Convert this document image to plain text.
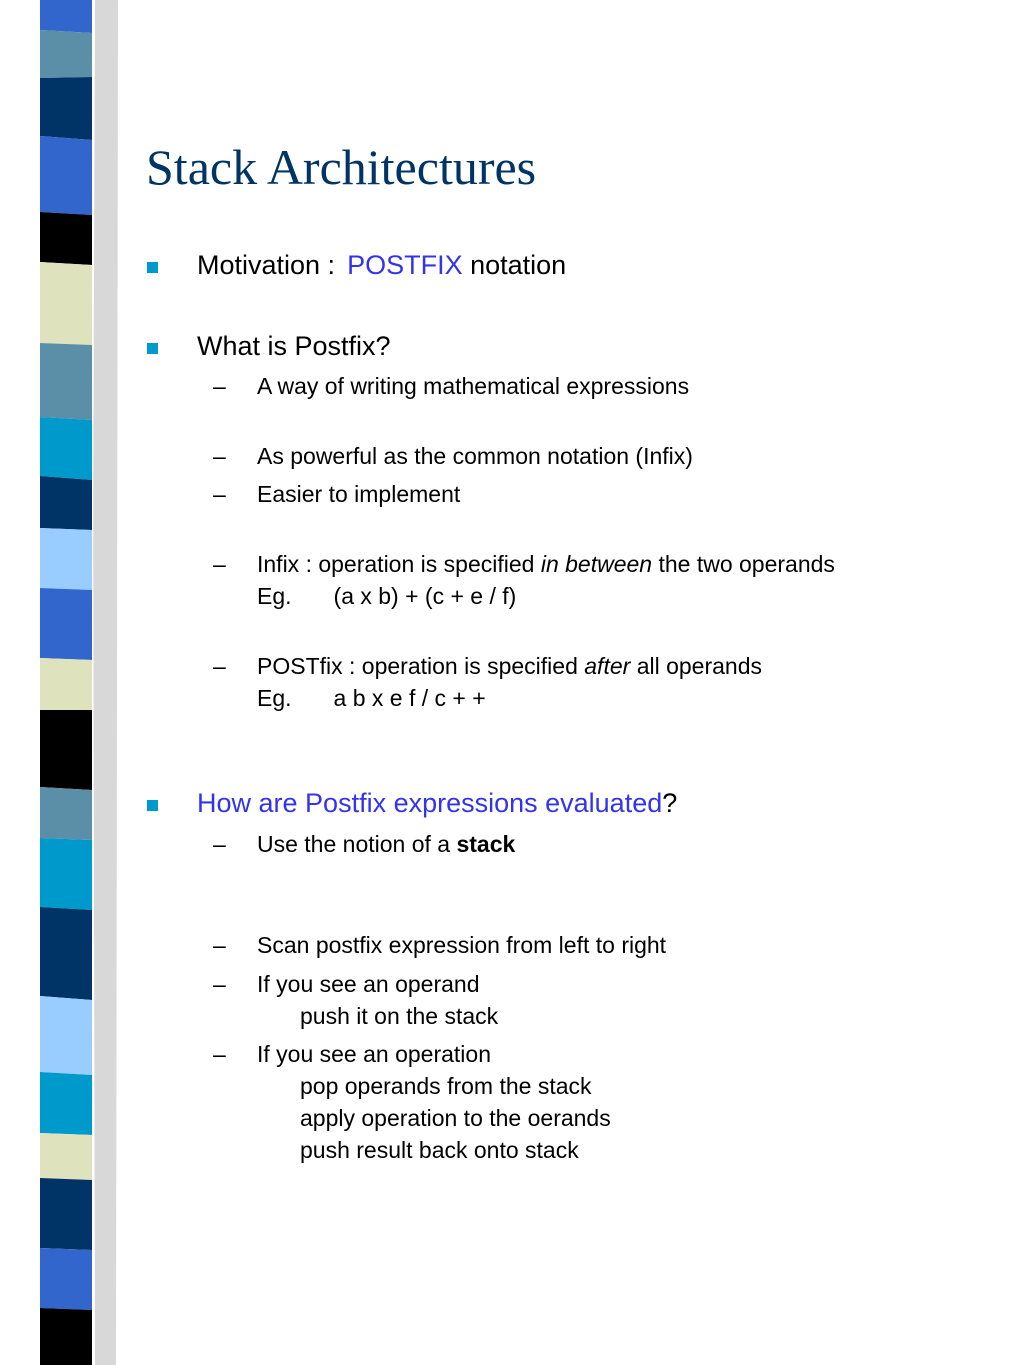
Stack Architectures
Motivation : POSTFIX notation
What is Postfix?
– A way of writing mathematical expressions
– As powerful as the common notation (Infix)
– Easier to implement
– Infix : operation is specified in between the two operands
Eg. (a x b) + (c + e / f)
– POSTfix : operation is specified after all operands
Eg. a b x e f / c + +
How are Postfix expressions evaluated?
– Use the notion of a stack
– Scan postfix expression from left to right
– If you see an operand
push it on the stack
– If you see an operation
pop operands from the stack
apply operation to the oerands
push result back onto stack
